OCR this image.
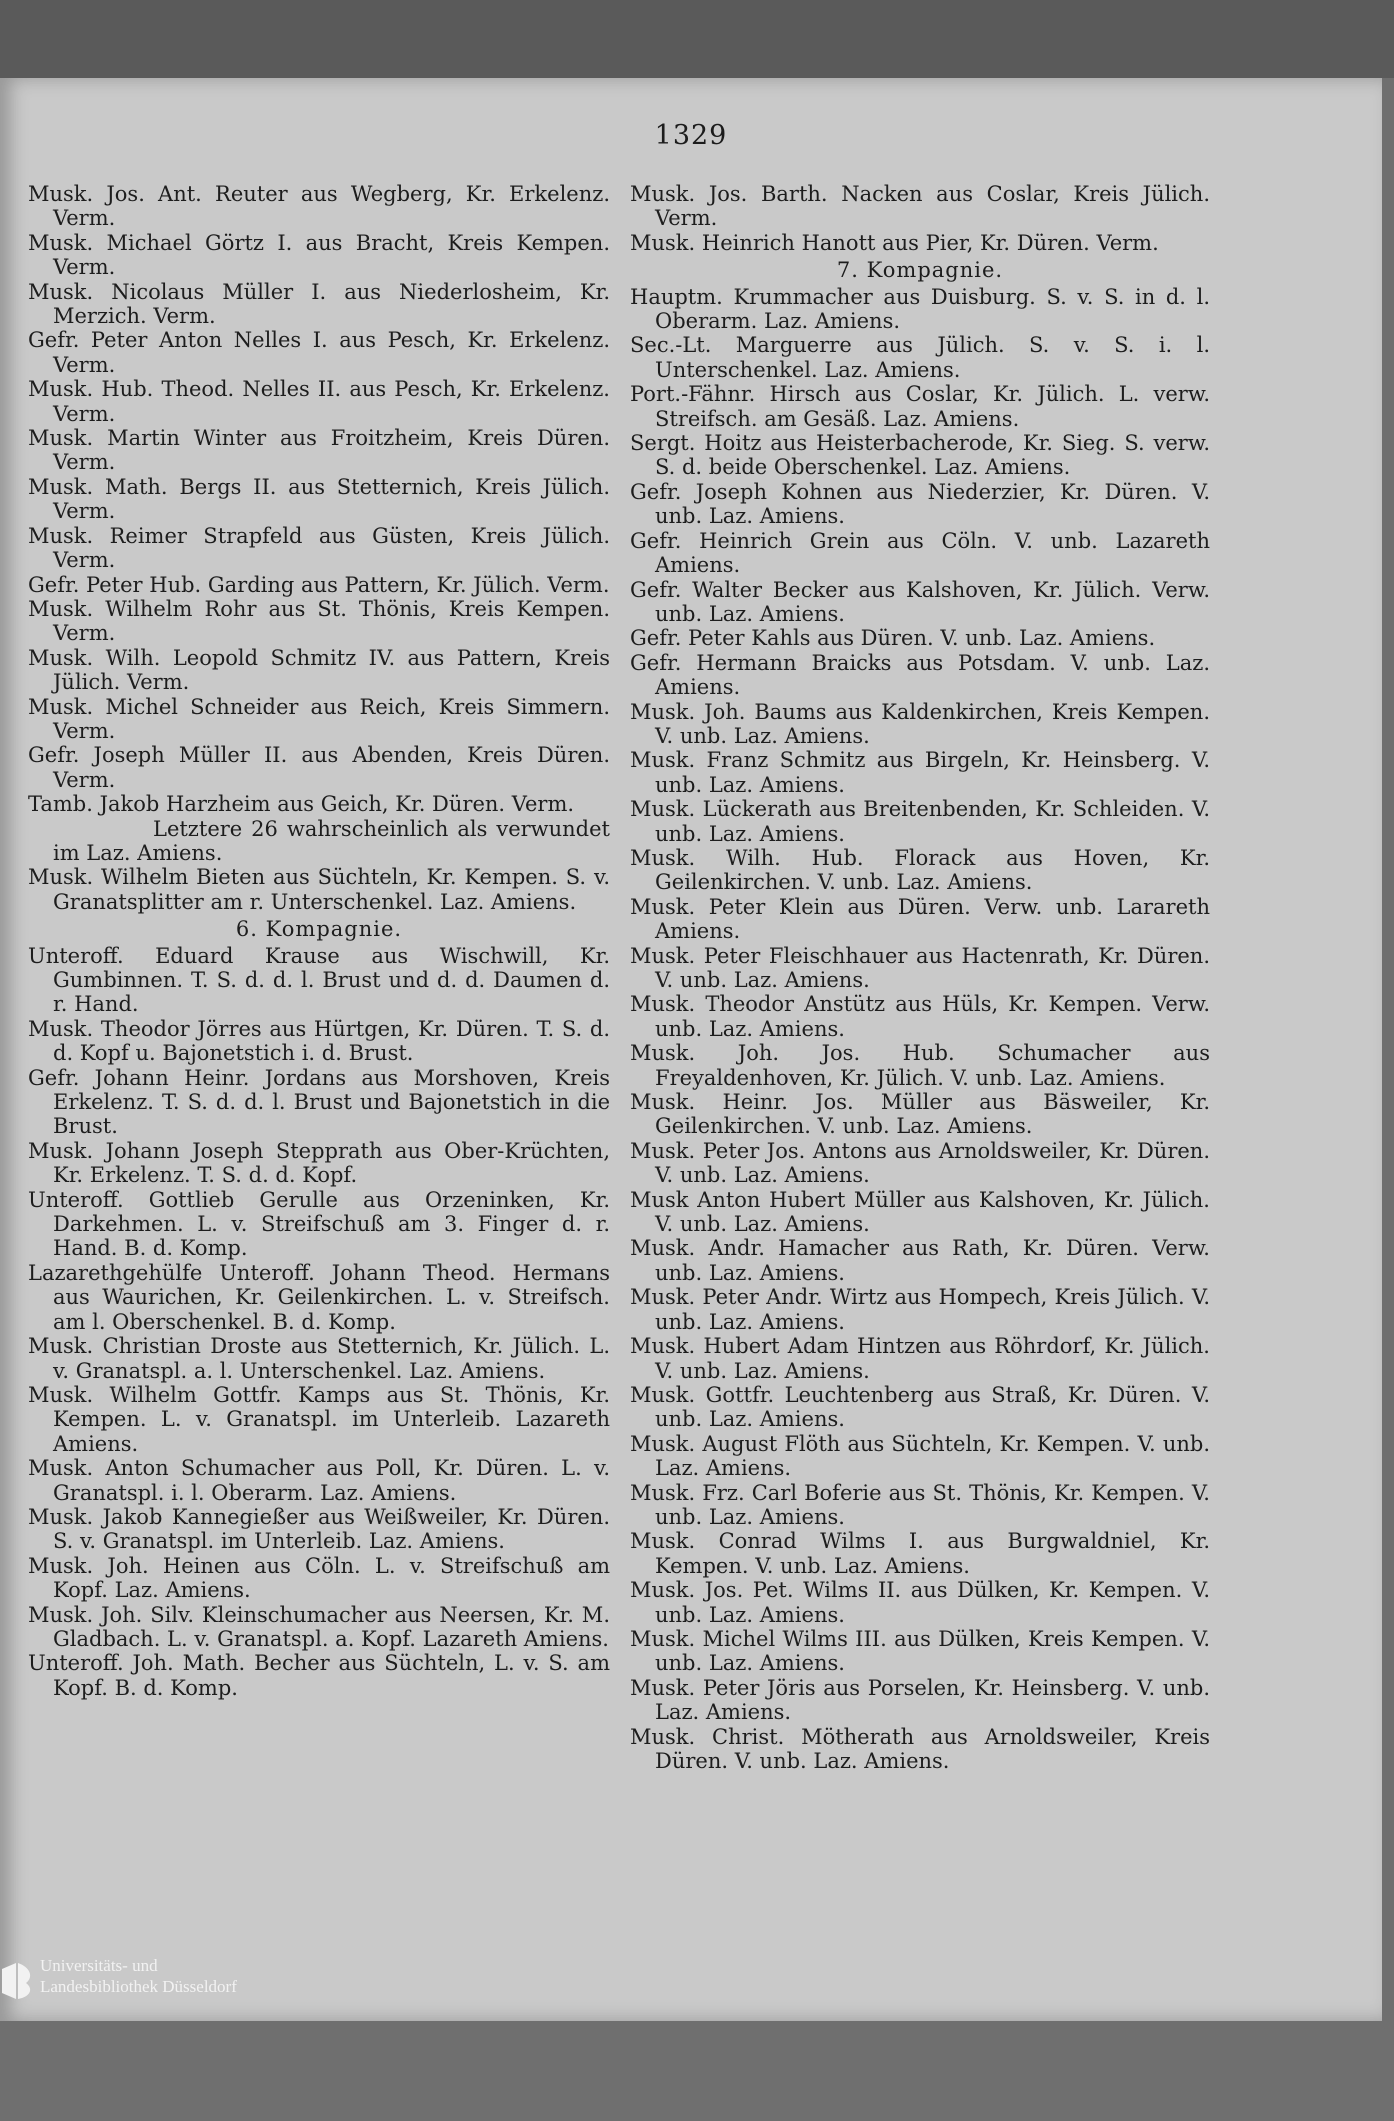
1329
Musk. Jos. Ant. Reuter aus Wegberg, Kr. Erkelenz. Verm.
Musk. Michael Görtz I. aus Bracht, Kreis Kempen. Verm.
Musk. Nicolaus Müller I. aus Niederlosheim, Kr. Merzich. Verm.
Gefr. Peter Anton Nelles I. aus Pesch, Kr. Erkelenz. Verm.
Musk. Hub. Theod. Nelles II. aus Pesch, Kr. Erkelenz. Verm.
Musk. Martin Winter aus Froitzheim, Kreis Düren. Verm.
Musk. Math. Bergs II. aus Stetternich, Kreis Jülich. Verm.
Musk. Reimer Strapfeld aus Güsten, Kreis Jülich. Verm.
Gefr. Peter Hub. Garding aus Pattern, Kr. Jülich. Verm.
Musk. Wilhelm Rohr aus St. Thönis, Kreis Kempen. Verm.
Musk. Wilh. Leopold Schmitz IV. aus Pattern, Kreis Jülich. Verm.
Musk. Michel Schneider aus Reich, Kreis Simmern. Verm.
Gefr. Joseph Müller II. aus Abenden, Kreis Düren. Verm.
Tamb. Jakob Harzheim aus Geich, Kr. Düren. Verm.
Letztere 26 wahrscheinlich als verwundet im Laz. Amiens.
Musk. Wilhelm Bieten aus Süchteln, Kr. Kempen. S. v. Granatsplitter am r. Unterschenkel. Laz. Amiens.
6. Kompagnie.
Unteroff. Eduard Krause aus Wischwill, Kr. Gumbinnen. T. S. d. d. l. Brust und d. d. Daumen d. r. Hand.
Musk. Theodor Jörres aus Hürtgen, Kr. Düren. T. S. d. d. Kopf u. Bajonetstich i. d. Brust.
Gefr. Johann Heinr. Jordans aus Morshoven, Kreis Erkelenz. T. S. d. d. l. Brust und Bajonetstich in die Brust.
Musk. Johann Joseph Stepprath aus Ober-Krüchten, Kr. Erkelenz. T. S. d. d. Kopf.
Unteroff. Gottlieb Gerulle aus Orzeninken, Kr. Darkehmen. L. v. Streifschuß am 3. Finger d. r. Hand. B. d. Komp.
Lazarethgehülfe Unteroff. Johann Theod. Hermans aus Waurichen, Kr. Geilenkirchen. L. v. Streifsch. am l. Oberschenkel. B. d. Komp.
Musk. Christian Droste aus Stetternich, Kr. Jülich. L. v. Granatspl. a. l. Unterschenkel. Laz. Amiens.
Musk. Wilhelm Gottfr. Kamps aus St. Thönis, Kr. Kempen. L. v. Granatspl. im Unterleib. Lazareth Amiens.
Musk. Anton Schumacher aus Poll, Kr. Düren. L. v. Granatspl. i. l. Oberarm. Laz. Amiens.
Musk. Jakob Kannegießer aus Weißweiler, Kr. Düren. S. v. Granatspl. im Unterleib. Laz. Amiens.
Musk. Joh. Heinen aus Cöln. L. v. Streifschuß am Kopf. Laz. Amiens.
Musk. Joh. Silv. Kleinschumacher aus Neersen, Kr. M. Gladbach. L. v. Granatspl. a. Kopf. Lazareth Amiens.
Unteroff. Joh. Math. Becher aus Süchteln, L. v. S. am Kopf. B. d. Komp.
Musk. Jos. Barth. Nacken aus Coslar, Kreis Jülich. Verm.
Musk. Heinrich Hanott aus Pier, Kr. Düren. Verm.
7. Kompagnie.
Hauptm. Krummacher aus Duisburg. S. v. S. in d. l. Oberarm. Laz. Amiens.
Sec.-Lt. Marguerre aus Jülich. S. v. S. i. l. Unterschenkel. Laz. Amiens.
Port.-Fähnr. Hirsch aus Coslar, Kr. Jülich. L. verw. Streifsch. am Gesäß. Laz. Amiens.
Sergt. Hoitz aus Heisterbacherode, Kr. Sieg. S. verw. S. d. beide Oberschenkel. Laz. Amiens.
Gefr. Joseph Kohnen aus Niederzier, Kr. Düren. V. unb. Laz. Amiens.
Gefr. Heinrich Grein aus Cöln. V. unb. Lazareth Amiens.
Gefr. Walter Becker aus Kalshoven, Kr. Jülich. Verw. unb. Laz. Amiens.
Gefr. Peter Kahls aus Düren. V. unb. Laz. Amiens.
Gefr. Hermann Braicks aus Potsdam. V. unb. Laz. Amiens.
Musk. Joh. Baums aus Kaldenkirchen, Kreis Kempen. V. unb. Laz. Amiens.
Musk. Franz Schmitz aus Birgeln, Kr. Heinsberg. V. unb. Laz. Amiens.
Musk. Lückerath aus Breitenbenden, Kr. Schleiden. V. unb. Laz. Amiens.
Musk. Wilh. Hub. Florack aus Hoven, Kr. Geilenkirchen. V. unb. Laz. Amiens.
Musk. Peter Klein aus Düren. Verw. unb. Larareth Amiens.
Musk. Peter Fleischhauer aus Hactenrath, Kr. Düren. V. unb. Laz. Amiens.
Musk. Theodor Anstütz aus Hüls, Kr. Kempen. Verw. unb. Laz. Amiens.
Musk. Joh. Jos. Hub. Schumacher aus Freyaldenhoven, Kr. Jülich. V. unb. Laz. Amiens.
Musk. Heinr. Jos. Müller aus Bäsweiler, Kr. Geilenkirchen. V. unb. Laz. Amiens.
Musk. Peter Jos. Antons aus Arnoldsweiler, Kr. Düren. V. unb. Laz. Amiens.
Musk Anton Hubert Müller aus Kalshoven, Kr. Jülich. V. unb. Laz. Amiens.
Musk. Andr. Hamacher aus Rath, Kr. Düren. Verw. unb. Laz. Amiens.
Musk. Peter Andr. Wirtz aus Hompech, Kreis Jülich. V. unb. Laz. Amiens.
Musk. Hubert Adam Hintzen aus Röhrdorf, Kr. Jülich. V. unb. Laz. Amiens.
Musk. Gottfr. Leuchtenberg aus Straß, Kr. Düren. V. unb. Laz. Amiens.
Musk. August Flöth aus Süchteln, Kr. Kempen. V. unb. Laz. Amiens.
Musk. Frz. Carl Boferie aus St. Thönis, Kr. Kempen. V. unb. Laz. Amiens.
Musk. Conrad Wilms I. aus Burgwaldniel, Kr. Kempen. V. unb. Laz. Amiens.
Musk. Jos. Pet. Wilms II. aus Dülken, Kr. Kempen. V. unb. Laz. Amiens.
Musk. Michel Wilms III. aus Dülken, Kreis Kempen. V. unb. Laz. Amiens.
Musk. Peter Jöris aus Porselen, Kr. Heinsberg. V. unb. Laz. Amiens.
Musk. Christ. Mötherath aus Arnoldsweiler, Kreis Düren. V. unb. Laz. Amiens.
Universitäts- und
Landesbibliothek Düsseldorf
